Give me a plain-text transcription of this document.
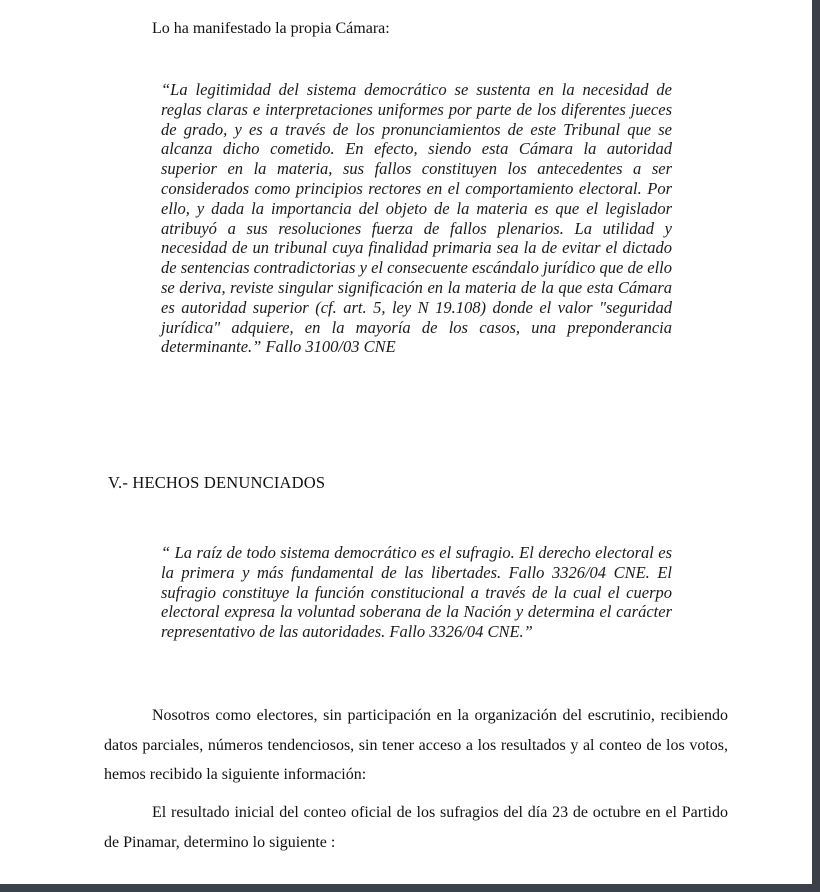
Lo ha manifestado la propia Cámara:

“La legitimidad del sistema democrático se sustenta en la necesidad de reglas claras e interpretaciones uniformes por parte de los diferentes jueces de grado, y es a través de los pronunciamientos de este Tribunal que se alcanza dicho cometido. En efecto, siendo esta Cámara la autoridad superior en la materia, sus fallos constituyen los antecedentes a ser considerados como principios rectores en el comportamiento electoral. Por ello, y dada la importancia del objeto de la materia es que el legislador atribuyó a sus resoluciones fuerza de fallos plenarios. La utilidad y necesidad de un tribunal cuya finalidad primaria sea la de evitar el dictado de sentencias contradictorias y el consecuente escándalo jurídico que de ello se deriva, reviste singular significación en la materia de la que esta Cámara es autoridad superior (cf. art. 5, ley N 19.108) donde el valor "seguridad jurídica" adquiere, en la mayoría de los casos, una preponderancia determinante.” Fallo 3100/03 CNE

V.- HECHOS DENUNCIADOS

“ La raíz de todo sistema democrático es el sufragio. El derecho electoral es la primera y más fundamental de las libertades. Fallo 3326/04 CNE. El sufragio constituye la función constitucional a través de la cual el cuerpo electoral expresa la voluntad soberana de la Nación y determina el carácter representativo de las autoridades. Fallo 3326/04 CNE.”

Nosotros como electores, sin participación en la organización del escrutinio, recibiendo datos parciales, números tendenciosos, sin tener acceso a los resultados y al conteo de los votos, hemos recibido la siguiente información:

El resultado inicial del conteo oficial de los sufragios del día 23 de octubre en el Partido de Pinamar, determino lo siguiente :
